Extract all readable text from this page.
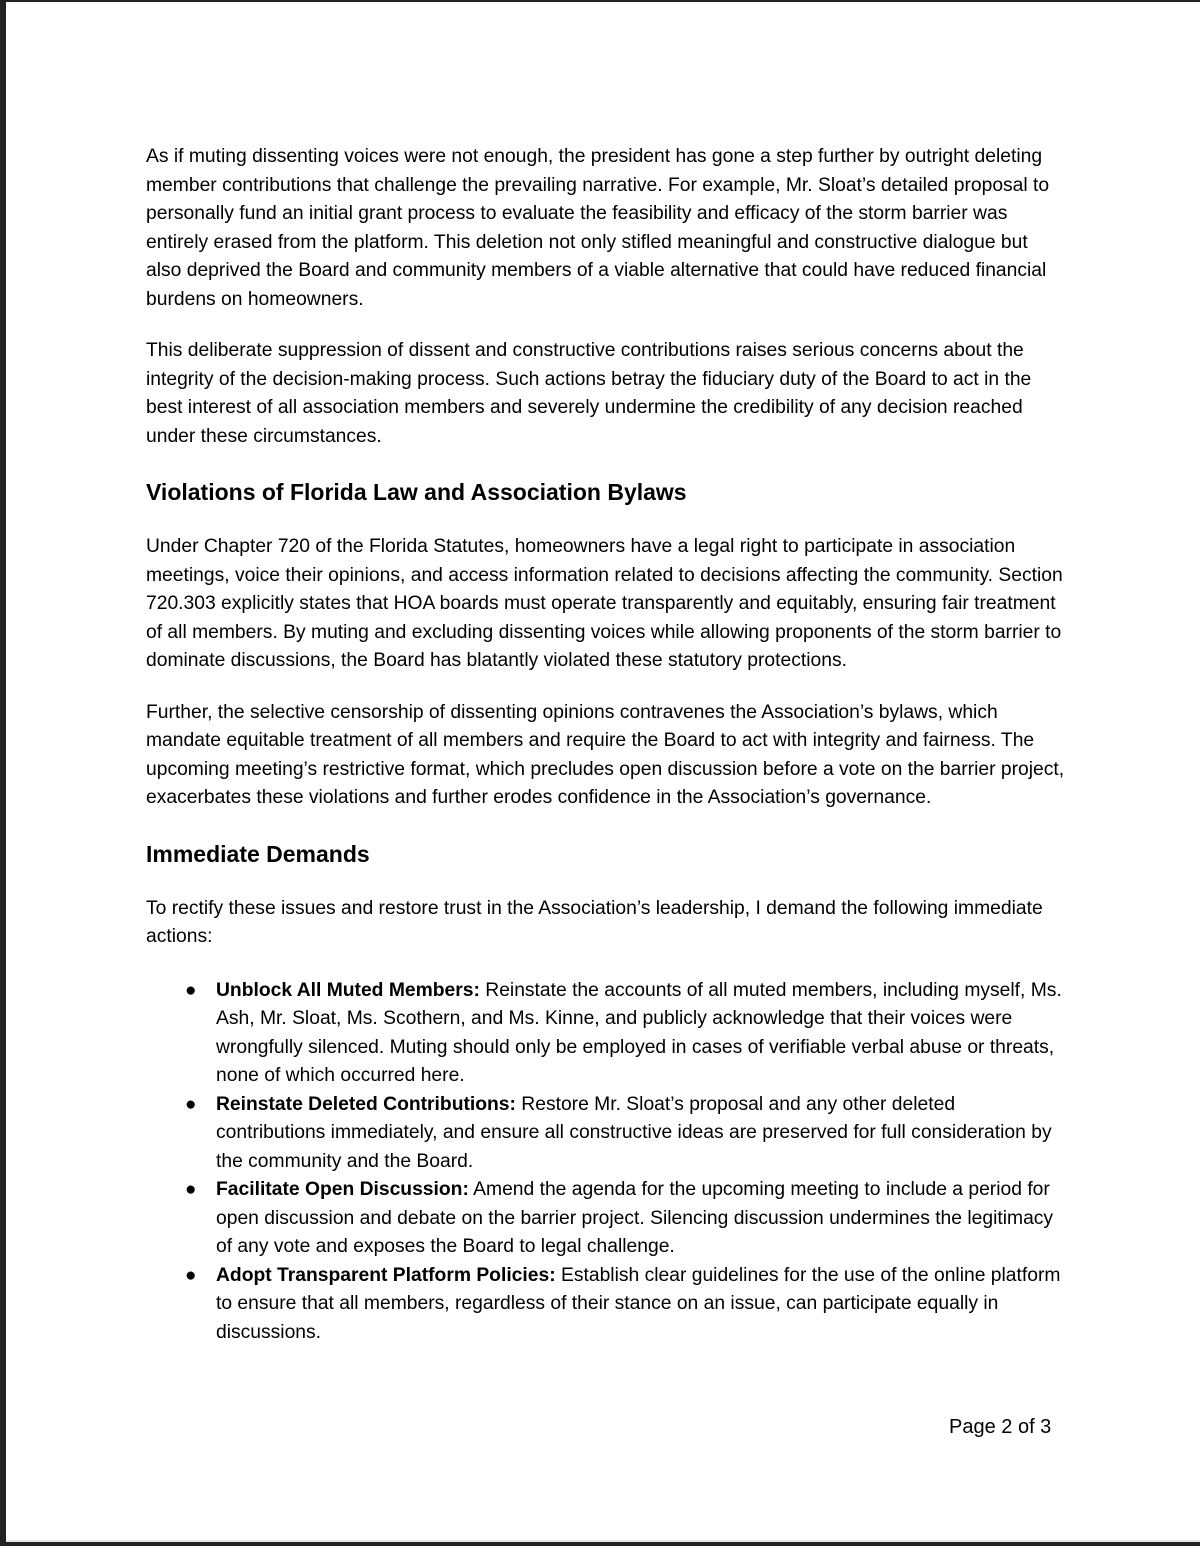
As if muting dissenting voices were not enough, the president has gone a step further by outright deleting member contributions that challenge the prevailing narrative. For example, Mr. Sloat’s detailed proposal to personally fund an initial grant process to evaluate the feasibility and efficacy of the storm barrier was entirely erased from the platform. This deletion not only stifled meaningful and constructive dialogue but also deprived the Board and community members of a viable alternative that could have reduced financial burdens on homeowners.

This deliberate suppression of dissent and constructive contributions raises serious concerns about the integrity of the decision-making process. Such actions betray the fiduciary duty of the Board to act in the best interest of all association members and severely undermine the credibility of any decision reached under these circumstances.

Violations of Florida Law and Association Bylaws

Under Chapter 720 of the Florida Statutes, homeowners have a legal right to participate in association meetings, voice their opinions, and access information related to decisions affecting the community. Section 720.303 explicitly states that HOA boards must operate transparently and equitably, ensuring fair treatment of all members. By muting and excluding dissenting voices while allowing proponents of the storm barrier to dominate discussions, the Board has blatantly violated these statutory protections.

Further, the selective censorship of dissenting opinions contravenes the Association’s bylaws, which mandate equitable treatment of all members and require the Board to act with integrity and fairness. The upcoming meeting’s restrictive format, which precludes open discussion before a vote on the barrier project, exacerbates these violations and further erodes confidence in the Association’s governance.

Immediate Demands

To rectify these issues and restore trust in the Association’s leadership, I demand the following immediate actions:

● Unblock All Muted Members: Reinstate the accounts of all muted members, including myself, Ms. Ash, Mr. Sloat, Ms. Scothern, and Ms. Kinne, and publicly acknowledge that their voices were wrongfully silenced. Muting should only be employed in cases of verifiable verbal abuse or threats, none of which occurred here.
● Reinstate Deleted Contributions: Restore Mr. Sloat’s proposal and any other deleted contributions immediately, and ensure all constructive ideas are preserved for full consideration by the community and the Board.
● Facilitate Open Discussion: Amend the agenda for the upcoming meeting to include a period for open discussion and debate on the barrier project. Silencing discussion undermines the legitimacy of any vote and exposes the Board to legal challenge.
● Adopt Transparent Platform Policies: Establish clear guidelines for the use of the online platform to ensure that all members, regardless of their stance on an issue, can participate equally in discussions.
Page 2 of 3
